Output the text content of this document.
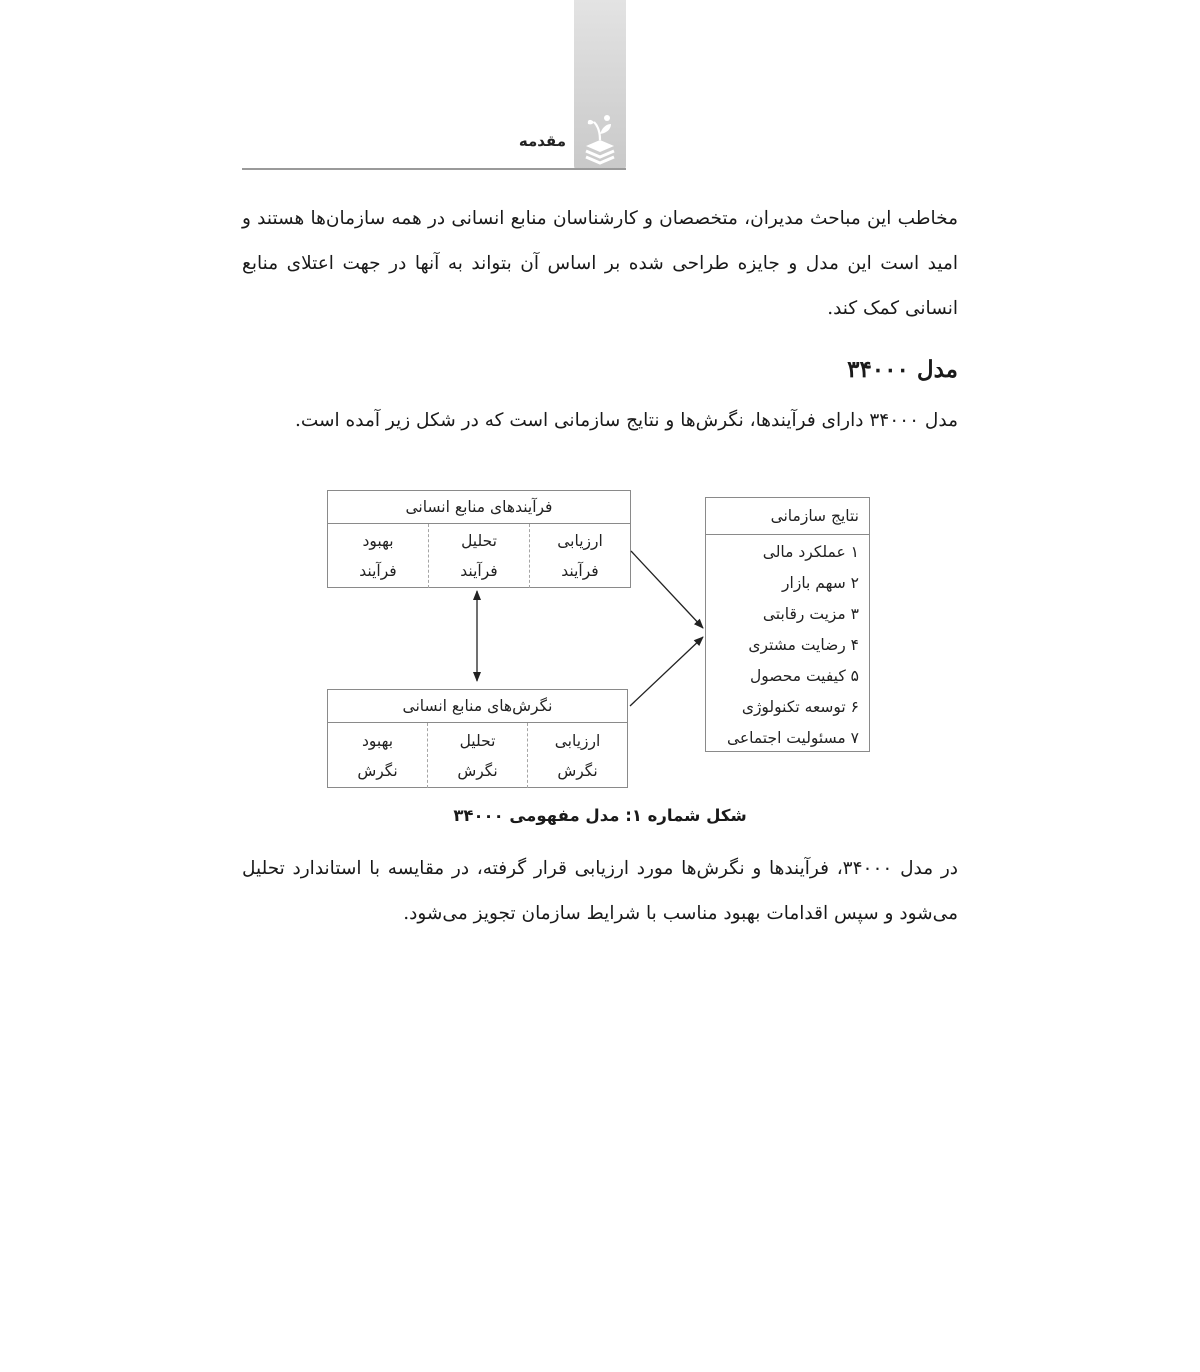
مقدمه
مخاطب این مباحث مدیران، متخصصان و کارشناسان منابع انسانی در همه سازمان‌ها هستند و امید است این مدل و جایزه طراحی شده بر اساس آن بتواند به آنها در جهت اعتلای منابع انسانی کمک کند.
مدل ۳۴۰۰۰
مدل ۳۴۰۰۰ دارای فرآیندها، نگرش‌ها و نتایج سازمانی است که در شکل زیر آمده است.
فرآیندهای منابع انسانی
ارزیابی
فرآیند
تحلیل
فرآیند
بهبود
فرآیند
نگرش‌های منابع انسانی
ارزیابی
نگرش
تحلیل
نگرش
بهبود
نگرش
نتایج سازمانی
۱ عملکرد مالی
۲ سهم بازار
۳ مزیت رقابتی
۴ رضایت مشتری
۵ کیفیت محصول
۶ توسعه تکنولوژی
۷ مسئولیت اجتماعی
شکل شماره ۱: مدل مفهومی ۳۴۰۰۰
در مدل ۳۴۰۰۰، فرآیندها و نگرش‌ها مورد ارزیابی قرار گرفته، در مقایسه با استاندارد تحلیل می‌شود و سپس اقدامات بهبود مناسب با شرایط سازمان تجویز می‌شود.
